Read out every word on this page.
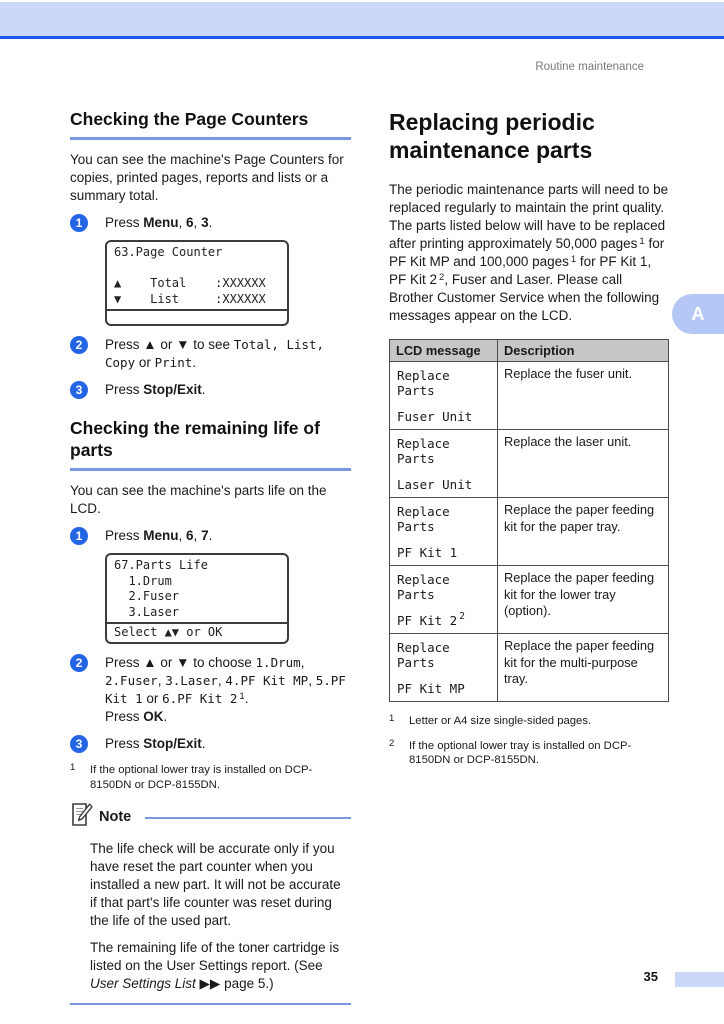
Routine maintenance
Checking the Page Counters

You can see the machine's Page Counters for copies, printed pages, reports and lists or a summary total.

1	Press Menu, 6, 3.
63.Page Counter
▲    Total    :XXXXXX
▼    List     :XXXXXX
2	Press ▲ or ▼ to see Total, List, Copy or Print.
3	Press Stop/Exit.
Checking the remaining life of parts

You can see the machine's parts life on the LCD.

1	Press Menu, 6, 7.
67.Parts Life
1.Drum
2.Fuser
3.Laser
Select ▲▼ or OK
2	Press ▲ or ▼ to choose 1.Drum, 2.Fuser, 3.Laser, 4.PF Kit MP, 5.PF Kit 1 or 6.PF Kit 2 $^1$.
Press OK.
3	Press Stop/Exit.
1	If the optional lower tray is installed on DCP-8150DN or DCP-8155DN.
Note

The life check will be accurate only if you have reset the part counter when you installed a new part. It will not be accurate if that part's life counter was reset during the life of the used part.

The remaining life of the toner cartridge is listed on the User Settings report. (See User Settings List ▶▶ page 5.)

Replacing periodic maintenance parts

The periodic maintenance parts will need to be replaced regularly to maintain the print quality. The parts listed below will have to be replaced after printing approximately 50,000 pages $^1$ for PF Kit MP and 100,000 pages $^1$ for PF Kit 1, PF Kit 2 $^2$, Fuser and Laser. Please call Brother Customer Service when the following messages appear on the LCD.

LCD message	Description

Replace Parts
Fuser Unit	Replace the fuser unit.

Replace Parts
Laser Unit	Replace the laser unit.

Replace Parts
PF Kit 1	Replace the paper feeding kit for the paper tray.

Replace Parts
PF Kit 2 $^2$	Replace the paper feeding kit for the lower tray (option).

Replace Parts
PF Kit MP	Replace the paper feeding kit for the multi-purpose tray.
1	Letter or A4 size single-sided pages.
2	If the optional lower tray is installed on DCP-8150DN or DCP-8155DN.
A
35
